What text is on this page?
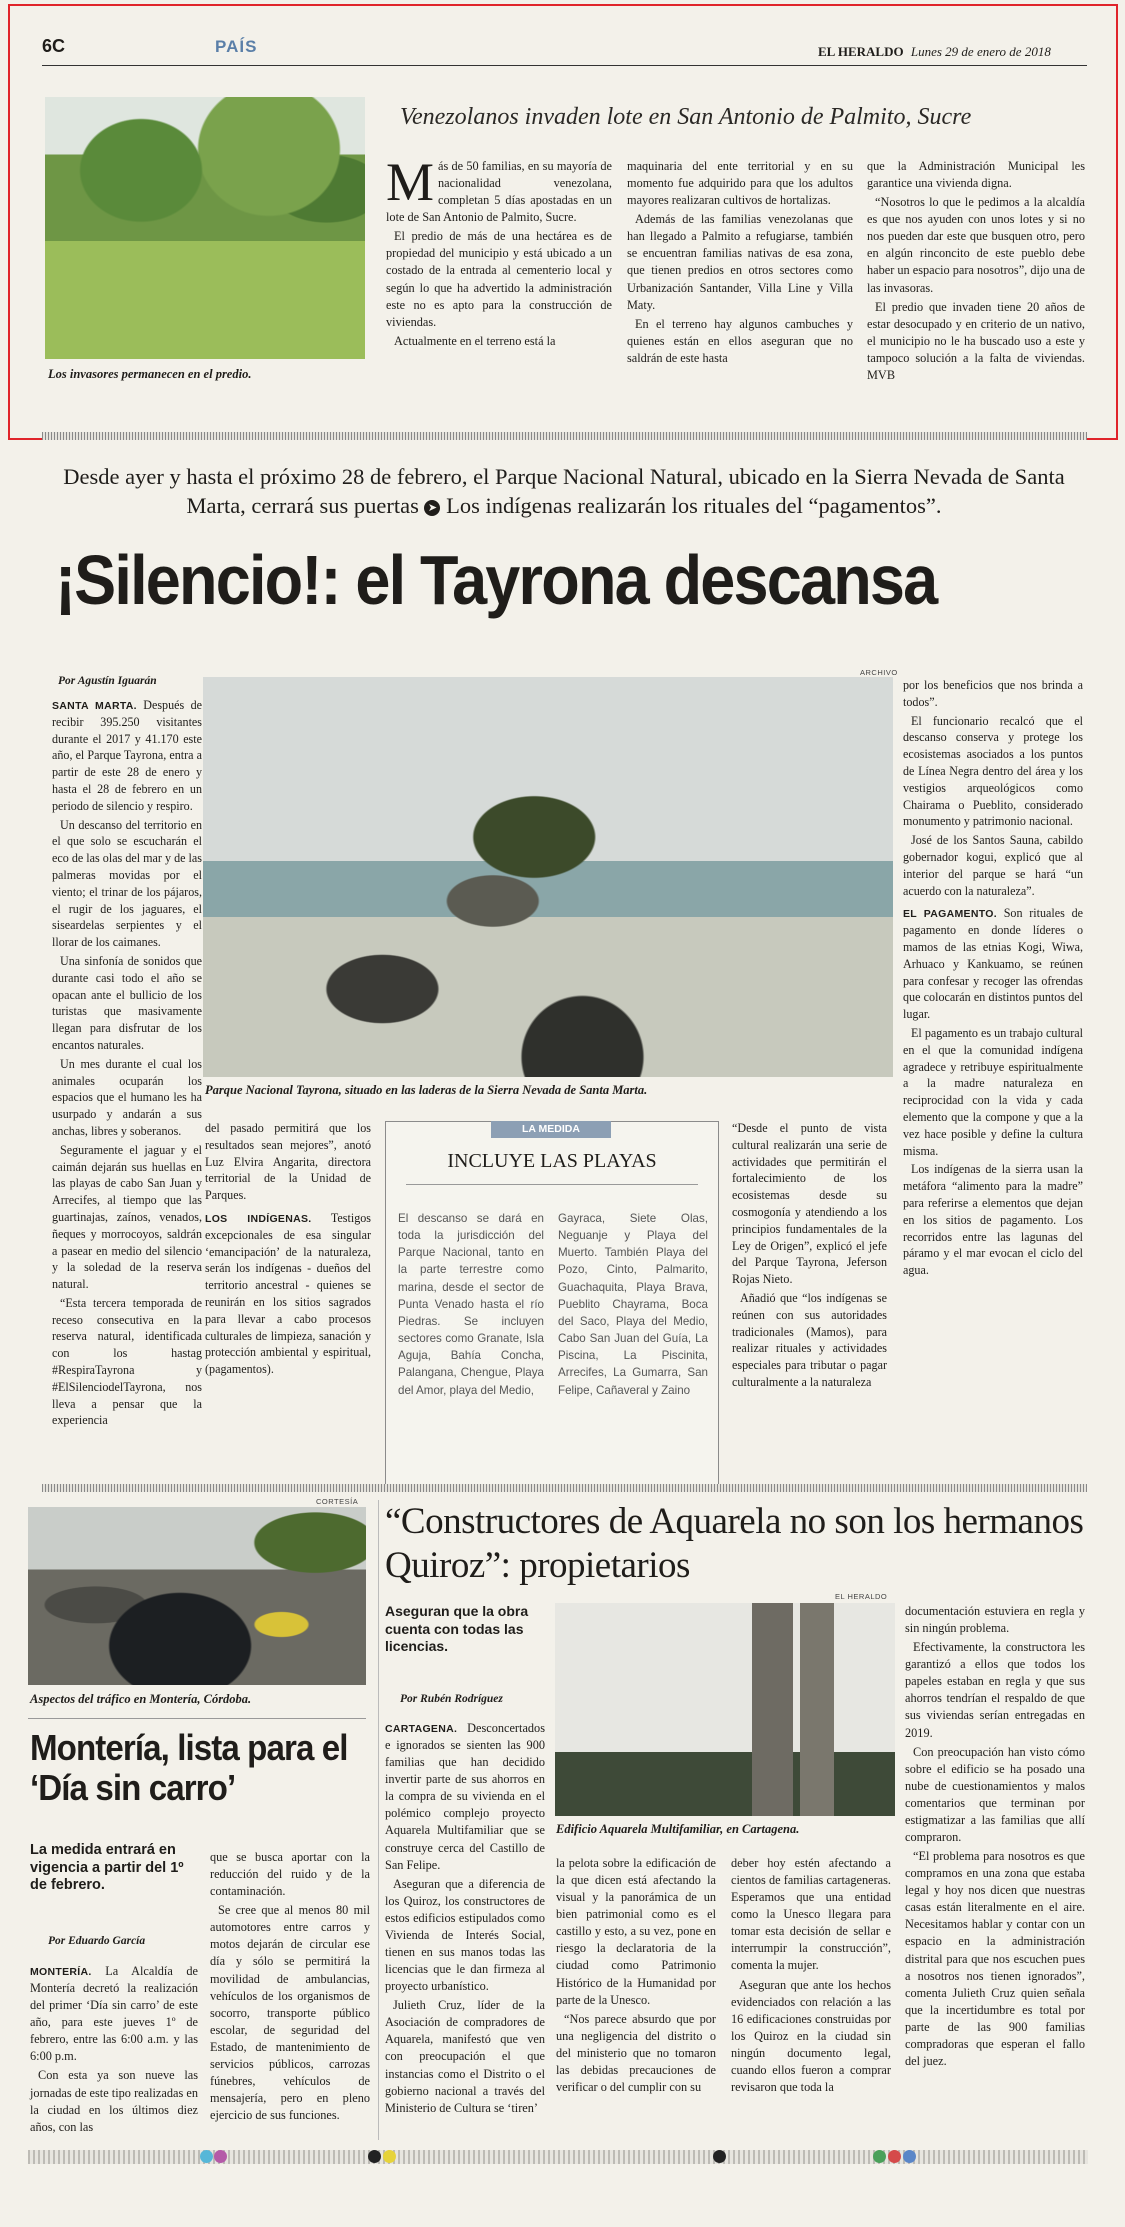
6C	PAÍS	EL HERALDO Lunes 29 de enero de 2018
Los invasores permanecen en el predio.
Venezolanos invaden lote en San Antonio de Palmito, Sucre
M ás de 50 familias, en su mayoría de nacionalidad venezolana, completan 5 días apostadas en un lote de San Antonio de Palmito, Sucre.

El predio de más de una hectárea es de propiedad del municipio y está ubicado a un costado de la entrada al cementerio local y según lo que ha advertido la administración este no es apto para la construcción de viviendas.

Actualmente en el terreno está la

maquinaria del ente territorial y en su momento fue adquirido para que los adultos mayores realizaran cultivos de hortalizas.

Además de las familias venezolanas que han llegado a Palmito a refugiarse, también se encuentran familias nativas de esa zona, que tienen predios en otros sectores como Urbanización Santander, Villa Line y Villa Maty.

En el terreno hay algunos cambuches y quienes están en ellos aseguran que no saldrán de este hasta

que la Administración Municipal les garantice una vivienda digna.

“Nosotros lo que le pedimos a la alcaldía es que nos ayuden con unos lotes y si no nos pueden dar este que busquen otro, pero en algún rinconcito de este pueblo debe haber un espacio para nosotros”, dijo una de las invasoras.

El predio que invaden tiene 20 años de estar desocupado y en criterio de un nativo, el municipio no le ha buscado uso a este y tampoco solución a la falta de viviendas. MVB

Desde ayer y hasta el próximo 28 de febrero, el Parque Nacional Natural, ubicado en la Sierra Nevada de Santa Marta, cerrará sus puertas ➤ Los indígenas realizarán los rituales del “pagamentos”.
¡Silencio!: el Tayrona descansa
Por Agustín Iguarán
ARCHIVO
Parque Nacional Tayrona, situado en las laderas de la Sierra Nevada de Santa Marta.

SANTA MARTA. Después de recibir 395.250 visitantes durante el 2017 y 41.170 este año, el Parque Tayrona, entra a partir de este 28 de enero y hasta el 28 de febrero en un periodo de silencio y respiro.

Un descanso del territorio en el que solo se escucharán el eco de las olas del mar y de las palmeras movidas por el viento; el trinar de los pájaros, el rugir de los jaguares, el siseardelas serpientes y el llorar de los caimanes.

Una sinfonía de sonidos que durante casi todo el año se opacan ante el bullicio de los turistas que masivamente llegan para disfrutar de los encantos naturales.

Un mes durante el cual los animales ocuparán los espacios que el humano les ha usurpado y andarán a sus anchas, libres y soberanos.

Seguramente el jaguar y el caimán dejarán sus huellas en las playas de cabo San Juan y Arrecifes, al tiempo que las guartinajas, zaínos, venados, ñeques y morrocoyos, saldrán a pasear en medio del silencio y la soledad de la reserva natural.

“Esta tercera temporada de receso consecutiva en la reserva natural, identificada con los hastag #RespiraTayrona y #ElSilenciodelTayrona, nos lleva a pensar que la experiencia

del pasado permitirá que los resultados sean mejores”, anotó Luz Elvira Angarita, directora territorial de la Unidad de Parques.

LOS INDÍGENAS. Testigos excepcionales de esa singular ‘emancipación’ de la naturaleza, serán los indígenas - dueños del territorio ancestral - quienes se reunirán en los sitios sagrados para llevar a cabo procesos culturales de limpieza, sanación y protección ambiental y espiritual, (pagamentos).

LA MEDIDA
INCLUYE LAS PLAYAS
El descanso se dará en toda la jurisdicción del Parque Nacional, tanto en la parte terrestre como marina, desde el sector de Punta Venado hasta el río Piedras. Se incluyen sectores como Granate, Isla Aguja, Bahía Concha, Palangana, Chengue, Playa del Amor, playa del Medio,
Gayraca, Siete Olas, Neguanje y Playa del Muerto. También Playa del Pozo, Cinto, Palmarito, Guachaquita, Playa Brava, Pueblito Chayrama, Boca del Saco, Playa del Medio, Cabo San Juan del Guía, La Piscina, La Piscinita, Arrecifes, La Gumarra, San Felipe, Cañaveral y Zaino

“Desde el punto de vista cultural realizarán una serie de actividades que permitirán el fortalecimiento de los ecosistemas desde su cosmogonía y atendiendo a los principios fundamentales de la Ley de Origen”, explicó el jefe del Parque Tayrona, Jeferson Rojas Nieto.

Añadió que “los indígenas se reúnen con sus autoridades tradicionales (Mamos), para realizar rituales y actividades especiales para tributar o pagar culturalmente a la naturaleza

por los beneficios que nos brinda a todos”.

El funcionario recalcó que el descanso conserva y protege los ecosistemas asociados a los puntos de Línea Negra dentro del área y los vestigios arqueológicos como Chairama o Pueblito, considerado monumento y patrimonio nacional.

José de los Santos Sauna, cabildo gobernador kogui, explicó que al interior del parque se hará “un acuerdo con la naturaleza”.

EL PAGAMENTO. Son rituales de pagamento en donde líderes o mamos de las etnias Kogi, Wiwa, Arhuaco y Kankuamo, se reúnen para confesar y recoger las ofrendas que colocarán en distintos puntos del lugar.

El pagamento es un trabajo cultural en el que la comunidad indígena agradece y retribuye espiritualmente a la madre naturaleza en reciprocidad con la vida y cada elemento que la compone y que a la vez hace posible y define la cultura misma.

Los indígenas de la sierra usan la metáfora “alimento para la madre” para referirse a elementos que dejan en los sitios de pagamento. Los recorridos entre las lagunas del páramo y el mar evocan el ciclo del agua.

CORTESÍA
Aspectos del tráfico en Montería, Córdoba.
Montería, lista para el ‘Día sin carro’
La medida entrará en vigencia a partir del 1º de febrero.
Por Eduardo García

MONTERÍA. La Alcaldía de Montería decretó la realización del primer ‘Día sin carro’ de este año, para este jueves 1º de febrero, entre las 6:00 a.m. y las 6:00 p.m.

Con esta ya son nueve las jornadas de este tipo realizadas en la ciudad en los últimos diez años, con las

que se busca aportar con la reducción del ruido y de la contaminación.

Se cree que al menos 80 mil automotores entre carros y motos dejarán de circular ese día y sólo se permitirá la movilidad de ambulancias, vehículos de los organismos de socorro, transporte público escolar, de seguridad del Estado, de mantenimiento de servicios públicos, carrozas fúnebres, vehículos de mensajería, pero en pleno ejercicio de sus funciones.

“Constructores de Aquarela no son los hermanos Quiroz”: propietarios
Aseguran que la obra cuenta con todas las licencias.
Por Rubén Rodríguez
EL HERALDO
Edificio Aquarela Multifamiliar, en Cartagena.

CARTAGENA. Desconcertados e ignorados se sienten las 900 familias que han decidido invertir parte de sus ahorros en la compra de su vivienda en el polémico complejo proyecto Aquarela Multifamiliar que se construye cerca del Castillo de San Felipe.

Aseguran que a diferencia de los Quiroz, los constructores de estos edificios estipulados como Vivienda de Interés Social, tienen en sus manos todas las licencias que le dan firmeza al proyecto urbanístico.

Julieth Cruz, líder de la Asociación de compradores de Aquarela, manifestó que ven con preocupación el que instancias como el Distrito o el gobierno nacional a través del Ministerio de Cultura se ‘tiren’

la pelota sobre la edificación de la que dicen está afectando la visual y la panorámica de un bien patrimonial como es el castillo y esto, a su vez, pone en riesgo la declaratoria de la ciudad como Patrimonio Histórico de la Humanidad por parte de la Unesco.

“Nos parece absurdo que por una negligencia del distrito o del ministerio que no tomaron las debidas precauciones de verificar o del cumplir con su

deber hoy estén afectando a cientos de familias cartageneras. Esperamos que una entidad como la Unesco llegara para tomar esta decisión de sellar e interrumpir la construcción”, comenta la mujer.

Aseguran que ante los hechos evidenciados con relación a las 16 edificaciones construidas por los Quiroz en la ciudad sin ningún documento legal, cuando ellos fueron a comprar revisaron que toda la

documentación estuviera en regla y sin ningún problema.

Efectivamente, la constructora les garantizó a ellos que todos los papeles estaban en regla y que sus ahorros tendrían el respaldo de que sus viviendas serían entregadas en 2019.

Con preocupación han visto cómo sobre el edificio se ha posado una nube de cuestionamientos y malos comentarios que terminan por estigmatizar a las familias que allí compraron.

“El problema para nosotros es que compramos en una zona que estaba legal y hoy nos dicen que nuestras casas están literalmente en el aire. Necesitamos hablar y contar con un espacio en la administración distrital para que nos escuchen pues a nosotros nos tienen ignorados”, comenta Julieth Cruz quien señala que la incertidumbre es total por parte de las 900 familias compradoras que esperan el fallo del juez.
